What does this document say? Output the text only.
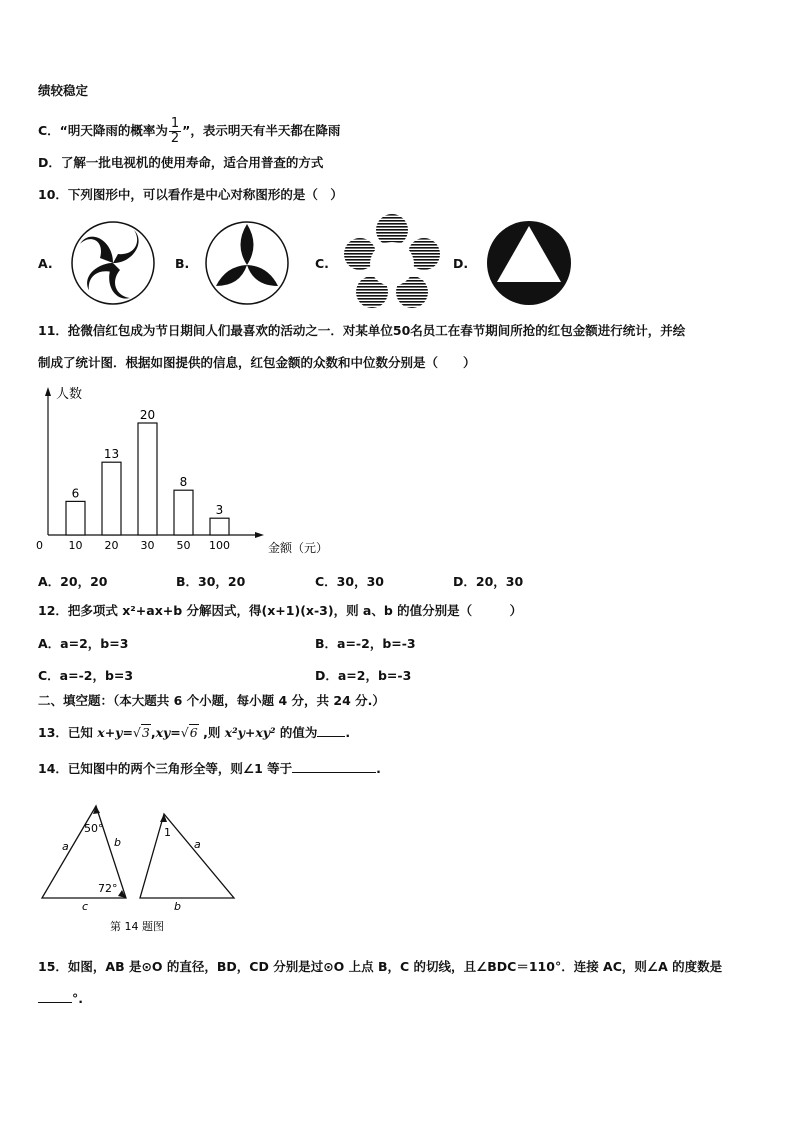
绩较稳定
C．“明天降雨的概率为 $\frac{1}{2}$ ”，表示明天有半天都在降雨
D．了解一批电视机的使用寿命，适合用普查的方式
10．下列图形中，可以看作是中心对称图形的是（　）
A.	B.	C.	D.
11．抢微信红包成为节日期间人们最喜欢的活动之一．对某单位50名员工在春节期间所抢的红包金额进行统计，并绘
制成了统计图．根据如图提供的信息，红包金额的众数和中位数分别是（　　）
人数
金额（元）
0
6
10
13
20
20
30
8
50
3
100
A．20，20	B．30，20	C．30，30	D．20，30
12．把多项式 x²+ax+b 分解因式，得(x+1)(x-3)，则 a、b 的值分别是（　　　）
A．a=2，b=3	B．a=-2，b=-3
C．a=-2，b=3	D．a=2，b=-3
二、填空题：（本大题共 6 个小题，每小题 4 分，共 24 分.）
13．已知 x+y=√3,xy=√6 ,则 x²y+xy² 的值为 .
14．已知图中的两个三角形全等，则∠1 等于	.
a	b
c
50°
72°
1
a
b
第 14 题图
15．如图，AB 是⊙O 的直径，BD，CD 分别是过⊙O 上点 B，C 的切线，且∠BDC＝110°．连接 AC，则∠A 的度数是
°.
